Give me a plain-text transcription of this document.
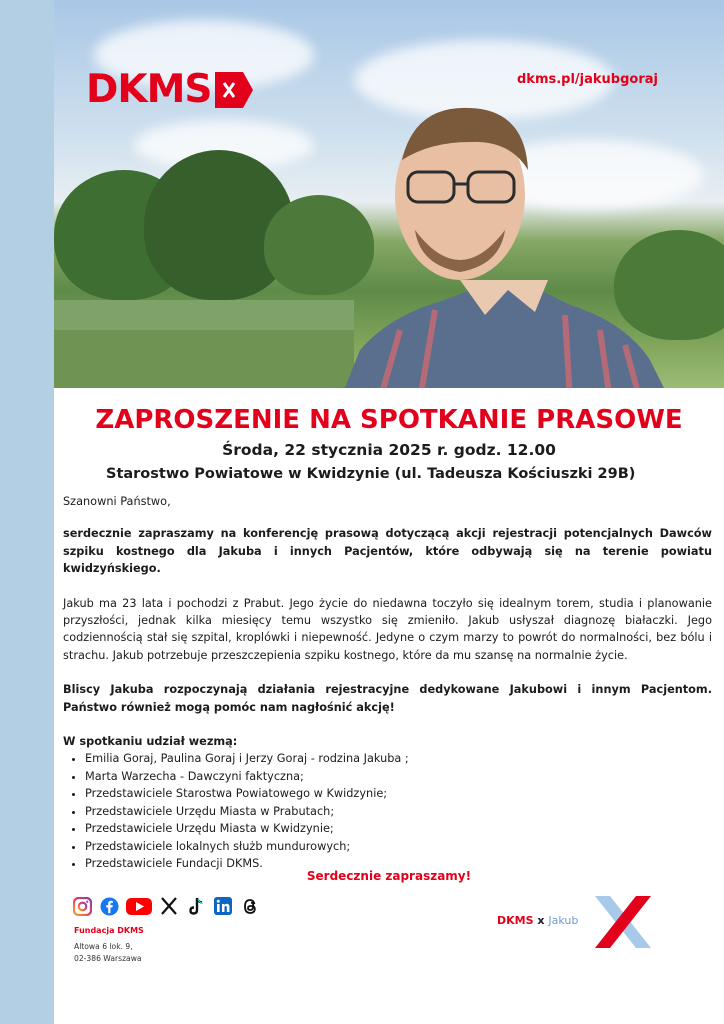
DKMS	dkms.pl/jakubgoraj
ZAPROSZENIE NA SPOTKANIE PRASOWE
Środa, 22 stycznia 2025 r. godz. 12.00
Starostwo Powiatowe w Kwidzynie (ul. Tadeusza Kościuszki 29B)

Szanowni Państwo,

serdecznie zapraszamy na konferencję prasową dotyczącą akcji rejestracji potencjalnych Dawców szpiku kostnego dla Jakuba i innych Pacjentów, które odbywają się na terenie powiatu kwidzyńskiego.

Jakub ma 23 lata i pochodzi z Prabut. Jego życie do niedawna toczyło się idealnym torem, studia i planowanie przyszłości, jednak kilka miesięcy temu wszystko się zmieniło. Jakub usłyszał diagnozę białaczki. Jego codziennością stał się szpital, kroplówki i niepewność. Jedyne o czym marzy to powrót do normalności, bez bólu i strachu. Jakub potrzebuje przeszczepienia szpiku kostnego, które da mu szansę na normalnie życie.

Bliscy Jakuba rozpoczynają działania rejestracyjne dedykowane Jakubowi i innym Pacjentom. Państwo również mogą pomóc nam nagłośnić akcję!

W spotkaniu udział wezmą:
• Emilia Goraj, Paulina Goraj i Jerzy Goraj - rodzina Jakuba ;
• Marta Warzecha - Dawczyni faktyczna;
• Przedstawiciele Starostwa Powiatowego w Kwidzynie;
• Przedstawiciele Urzędu Miasta w Prabutach;
• Przedstawiciele Urzędu Miasta w Kwidzynie;
• Przedstawiciele lokalnych służb mundurowych;
• Przedstawiciele Fundacji DKMS.
Serdecznie zapraszamy!
Fundacja DKMS
Altowa 6 lok. 9,
02-386 Warszawa
DKMS x Jakub
